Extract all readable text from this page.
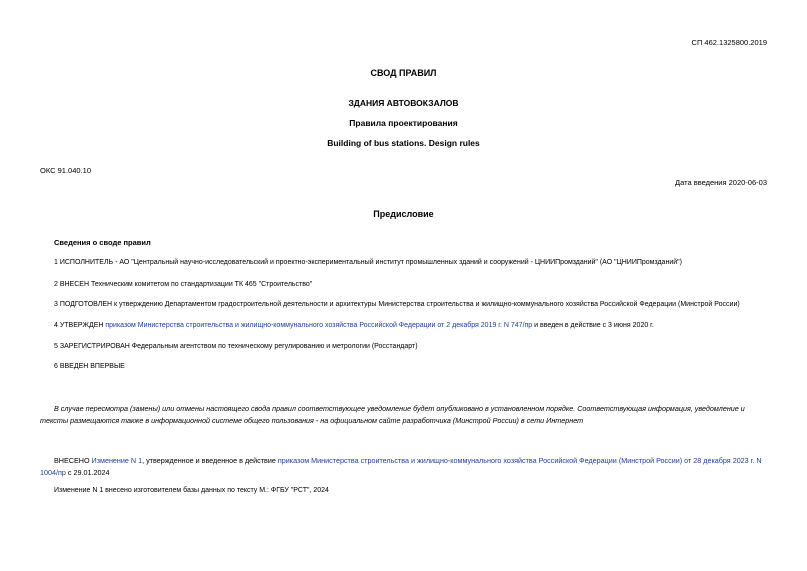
СП 462.1325800.2019
СВОД ПРАВИЛ
ЗДАНИЯ АВТОВОКЗАЛОВ
Правила проектирования
Building of bus stations. Design rules
ОКС 91.040.10
Дата введения 2020-06-03
Предисловие
Сведения о своде правил
1 ИСПОЛНИТЕЛЬ - АО "Центральный научно-исследовательский и проектно-экспериментальный институт промышленных зданий и сооружений - ЦНИИПромзданий" (АО "ЦНИИПромзданий")
2 ВНЕСЕН Техническим комитетом по стандартизации ТК 465 "Строительство"
3 ПОДГОТОВЛЕН к утверждению Департаментом градостроительной деятельности и архитектуры Министерства строительства и жилищно-коммунального хозяйства Российской Федерации (Минстрой России)
4 УТВЕРЖДЕН приказом Министерства строительства и жилищно-коммунального хозяйства Российской Федерации от 2 декабря 2019 г. N 747/пр и введен в действие с 3 июня 2020 г.
5 ЗАРЕГИСТРИРОВАН Федеральным агентством по техническому регулированию и метрологии (Росстандарт)
6 ВВЕДЕН ВПЕРВЫЕ
В случае пересмотра (замены) или отмены настоящего свода правил соответствующее уведомление будет опубликовано в установленном порядке. Соответствующая информация, уведомление и тексты размещаются также в информационной системе общего пользования - на официальном сайте разработчика (Минстрой России) в сети Интернет
ВНЕСЕНО Изменение N 1, утвержденное и введенное в действие приказом Министерства строительства и жилищно-коммунального хозяйства Российской Федерации (Минстрой России) от 28 декабря 2023 г. N 1004/пр с 29.01.2024
Изменение N 1 внесено изготовителем базы данных по тексту М.: ФГБУ "РСТ", 2024
